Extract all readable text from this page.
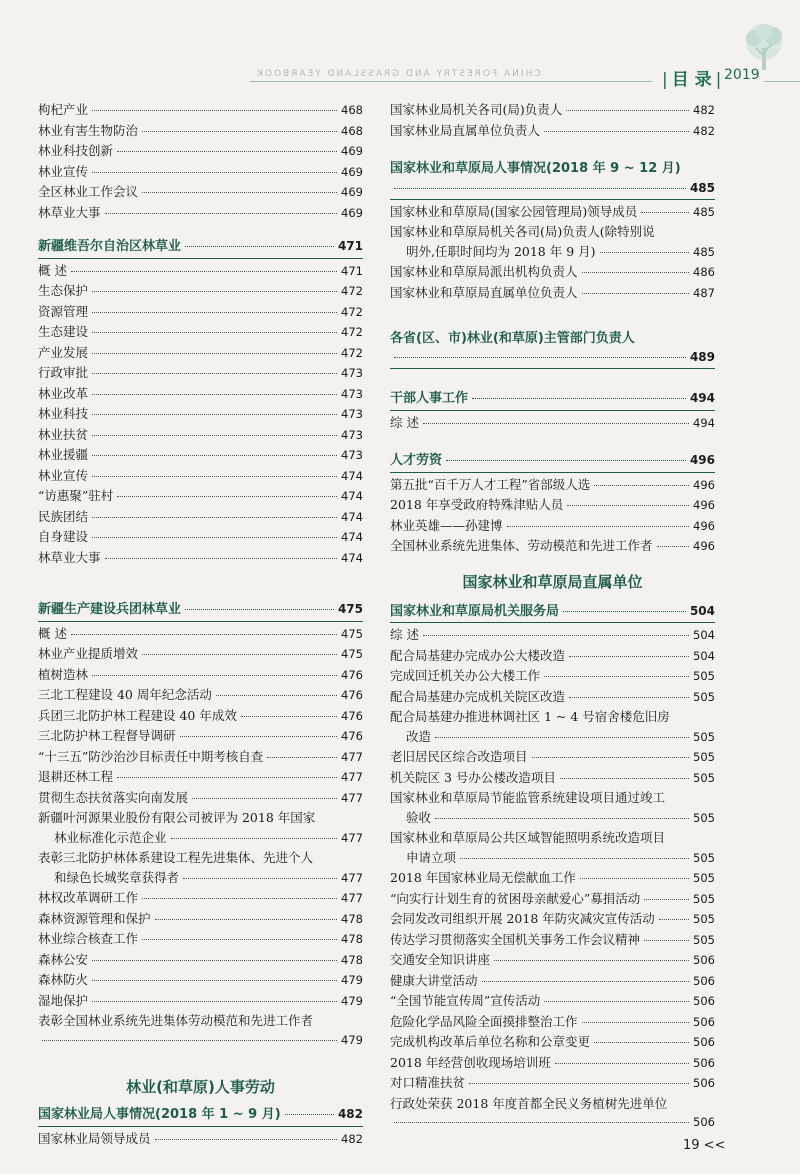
CHINA FORESTRY AND GRASSLAND YEARBOOK	| 目 录 | 2019
枸杞产业	468
林业有害生物防治	468
林业科技创新	469
林业宣传	469
全区林业工作会议	469
林草业大事	469
新疆维吾尔自治区林草业	471
概 述	471
生态保护	472
资源管理	472
生态建设	472
产业发展	472
行政审批	473
林业改革	473
林业科技	473
林业扶贫	473
林业援疆	473
林业宣传	474
“访惠聚”驻村	474
民族团结	474
自身建设	474
林草业大事	474
新疆生产建设兵团林草业	475
概 述	475
林业产业提质增效	475
植树造林	476
三北工程建设 40 周年纪念活动	476
兵团三北防护林工程建设 40 年成效	476
三北防护林工程督导调研	476
“十三五”防沙治沙目标责任中期考核自查	477
退耕还林工程	477
贯彻生态扶贫落实向南发展	477
新疆叶河源果业股份有限公司被评为 2018 年国家
林业标准化示范企业	477
表彰三北防护林体系建设工程先进集体、先进个人
和绿色长城奖章获得者	477
林权改革调研工作	477
森林资源管理和保护	478
林业综合核查工作	478
森林公安	478
森林防火	479
湿地保护	479
表彰全国林业系统先进集体劳动模范和先进工作者
479
林业(和草原)人事劳动
国家林业局人事情况(2018 年 1 ~ 9 月)	482
国家林业局领导成员	482
国家林业局机关各司(局)负责人	482
国家林业局直属单位负责人	482
国家林业和草原局人事情况(2018 年 9 ~ 12 月)
485
国家林业和草原局(国家公园管理局)领导成员	485
国家林业和草原局机关各司(局)负责人(除特别说
明外,任职时间均为 2018 年 9 月)	485
国家林业和草原局派出机构负责人	486
国家林业和草原局直属单位负责人	487
各省(区、市)林业(和草原)主管部门负责人
489
干部人事工作	494
综 述	494
人才劳资	496
第五批“百千万人才工程”省部级人选	496
2018 年享受政府特殊津贴人员	496
林业英雄——孙建博	496
全国林业系统先进集体、劳动模范和先进工作者	496
国家林业和草原局直属单位
国家林业和草原局机关服务局	504
综 述	504
配合局基建办完成办公大楼改造	504
完成回迁机关办公大楼工作	505
配合局基建办完成机关院区改造	505
配合局基建办推进林调社区 1 ~ 4 号宿舍楼危旧房
改造	505
老旧居民区综合改造项目	505
机关院区 3 号办公楼改造项目	505
国家林业和草原局节能监管系统建设项目通过竣工
验收	505
国家林业和草原局公共区域智能照明系统改造项目
申请立项	505
2018 年国家林业局无偿献血工作	505
“向实行计划生育的贫困母亲献爱心”募捐活动	505
会同发改司组织开展 2018 年防灾减灾宣传活动	505
传达学习贯彻落实全国机关事务工作会议精神	505
交通安全知识讲座	506
健康大讲堂活动	506
“全国节能宣传周”宣传活动	506
危险化学品风险全面摸排整治工作	506
完成机构改革后单位名称和公章变更	506
2018 年经营创收现场培训班	506
对口精准扶贫	506
行政处荣获 2018 年度首都全民义务植树先进单位
506
19 <<
